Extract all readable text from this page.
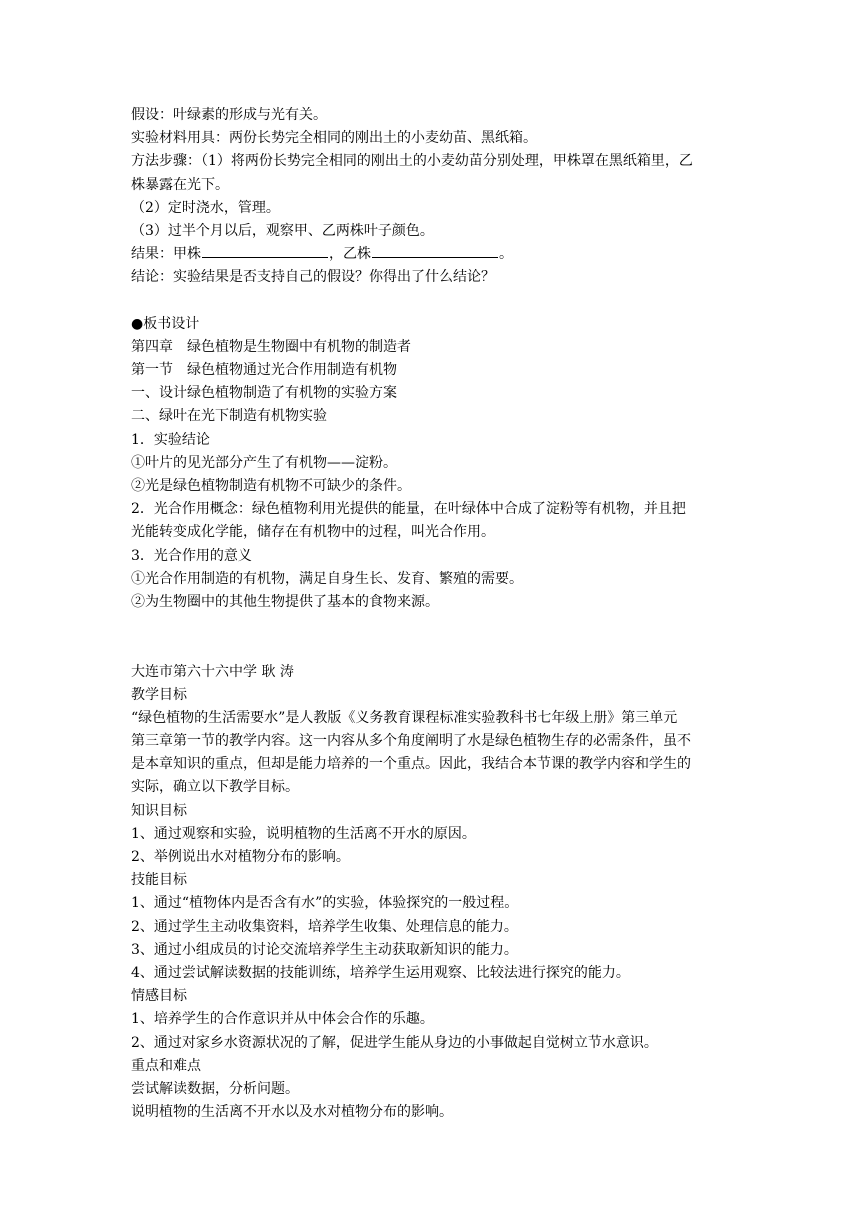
假设：叶绿素的形成与光有关。

实验材料用具：两份长势完全相同的刚出土的小麦幼苗、黑纸箱。

方法步骤：（1）将两份长势完全相同的刚出土的小麦幼苗分别处理，甲株罩在黑纸箱里，乙

株暴露在光下。

（2）定时浇水，管理。

（3）过半个月以后，观察甲、乙两株叶子颜色。

结果：甲株	，乙株	。

结论：实验结果是否支持自己的假设？你得出了什么结论？

●板书设计

第四章　绿色植物是生物圈中有机物的制造者

第一节　绿色植物通过光合作用制造有机物

一、设计绿色植物制造了有机物的实验方案

二、绿叶在光下制造有机物实验

1．实验结论

①叶片的见光部分产生了有机物——淀粉。

②光是绿色植物制造有机物不可缺少的条件。

2．光合作用概念：绿色植物利用光提供的能量，在叶绿体中合成了淀粉等有机物，并且把

光能转变成化学能，储存在有机物中的过程，叫光合作用。

3．光合作用的意义

①光合作用制造的有机物，满足自身生长、发育、繁殖的需要。

②为生物圈中的其他生物提供了基本的食物来源。

大连市第六十六中学 耿 涛

教学目标

“绿色植物的生活需要水”是人教版《义务教育课程标准实验教科书七年级上册》第三单元

第三章第一节的教学内容。这一内容从多个角度阐明了水是绿色植物生存的必需条件，虽不

是本章知识的重点，但却是能力培养的一个重点。因此，我结合本节课的教学内容和学生的

实际，确立以下教学目标。

知识目标

1、通过观察和实验，说明植物的生活离不开水的原因。

2、举例说出水对植物分布的影响。

技能目标

1、通过“植物体内是否含有水”的实验，体验探究的一般过程。

2、通过学生主动收集资料，培养学生收集、处理信息的能力。

3、通过小组成员的讨论交流培养学生主动获取新知识的能力。

4、通过尝试解读数据的技能训练，培养学生运用观察、比较法进行探究的能力。

情感目标

1、培养学生的合作意识并从中体会合作的乐趣。

2、通过对家乡水资源状况的了解，促进学生能从身边的小事做起自觉树立节水意识。

重点和难点

尝试解读数据，分析问题。

说明植物的生活离不开水以及水对植物分布的影响。
